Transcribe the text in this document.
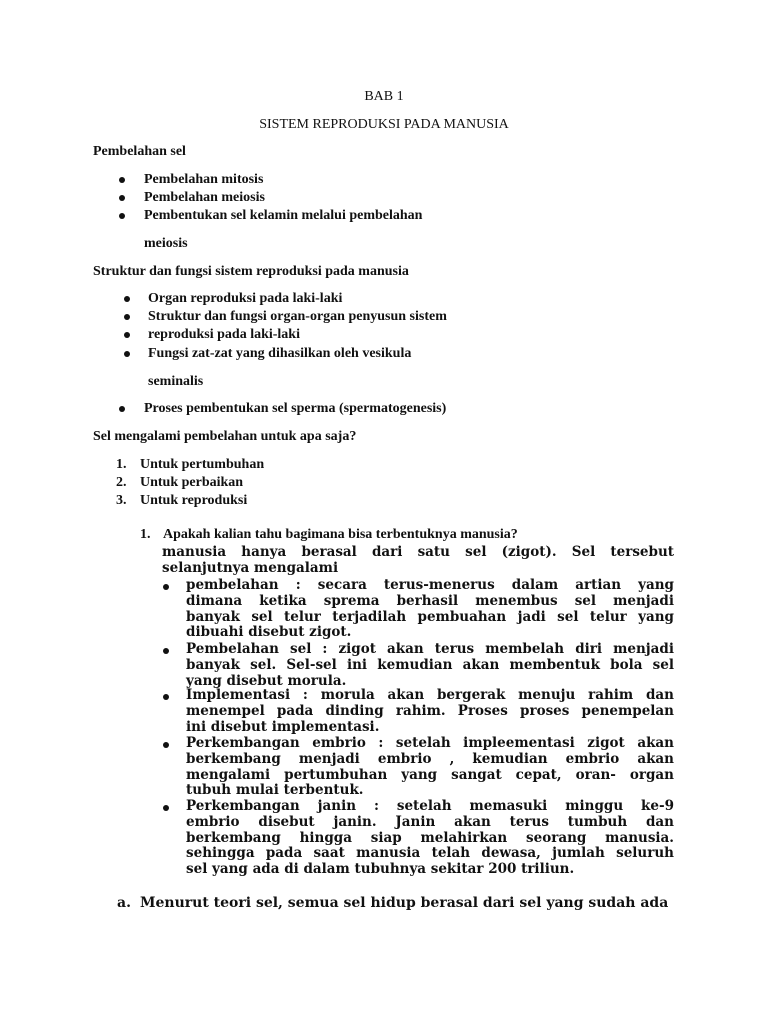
BAB 1
SISTEM REPRODUKSI PADA MANUSIA
Pembelahan sel
Pembelahan mitosis
Pembelahan meiosis
Pembentukan sel kelamin melalui pembelahan
meiosis
Struktur dan fungsi sistem reproduksi pada manusia
Organ reproduksi pada laki-laki
Struktur dan fungsi organ-organ penyusun sistem
reproduksi pada laki-laki
Fungsi zat-zat yang dihasilkan oleh vesikula
seminalis
Proses pembentukan sel sperma (spermatogenesis)
Sel mengalami pembelahan untuk apa saja?
1. Untuk pertumbuhan
2. Untuk perbaikan
3. Untuk reproduksi
1. Apakah kalian tahu bagimana bisa terbentuknya manusia?
manusia hanya berasal dari satu sel (zigot). Sel tersebut
selanjutnya mengalami
pembelahan : secara terus-menerus dalam artian yang
dimana ketika sprema berhasil menembus sel menjadi
banyak sel telur terjadilah pembuahan jadi sel telur yang
dibuahi disebut zigot.
Pembelahan sel : zigot akan terus membelah diri menjadi
banyak sel. Sel-sel ini kemudian akan membentuk bola sel
yang disebut morula.
Implementasi : morula akan bergerak menuju rahim dan
menempel pada dinding rahim. Proses proses penempelan
ini disebut implementasi.
Perkembangan embrio : setelah impleementasi zigot akan
berkembang menjadi embrio , kemudian embrio akan
mengalami pertumbuhan yang sangat cepat, oran- organ
tubuh mulai terbentuk.
Perkembangan janin : setelah memasuki minggu ke-9
embrio disebut janin. Janin akan terus tumbuh dan
berkembang hingga siap melahirkan seorang manusia.
sehingga pada saat manusia telah dewasa, jumlah seluruh
sel yang ada di dalam tubuhnya sekitar 200 triliun.
a. Menurut teori sel, semua sel hidup berasal dari sel yang sudah ada
